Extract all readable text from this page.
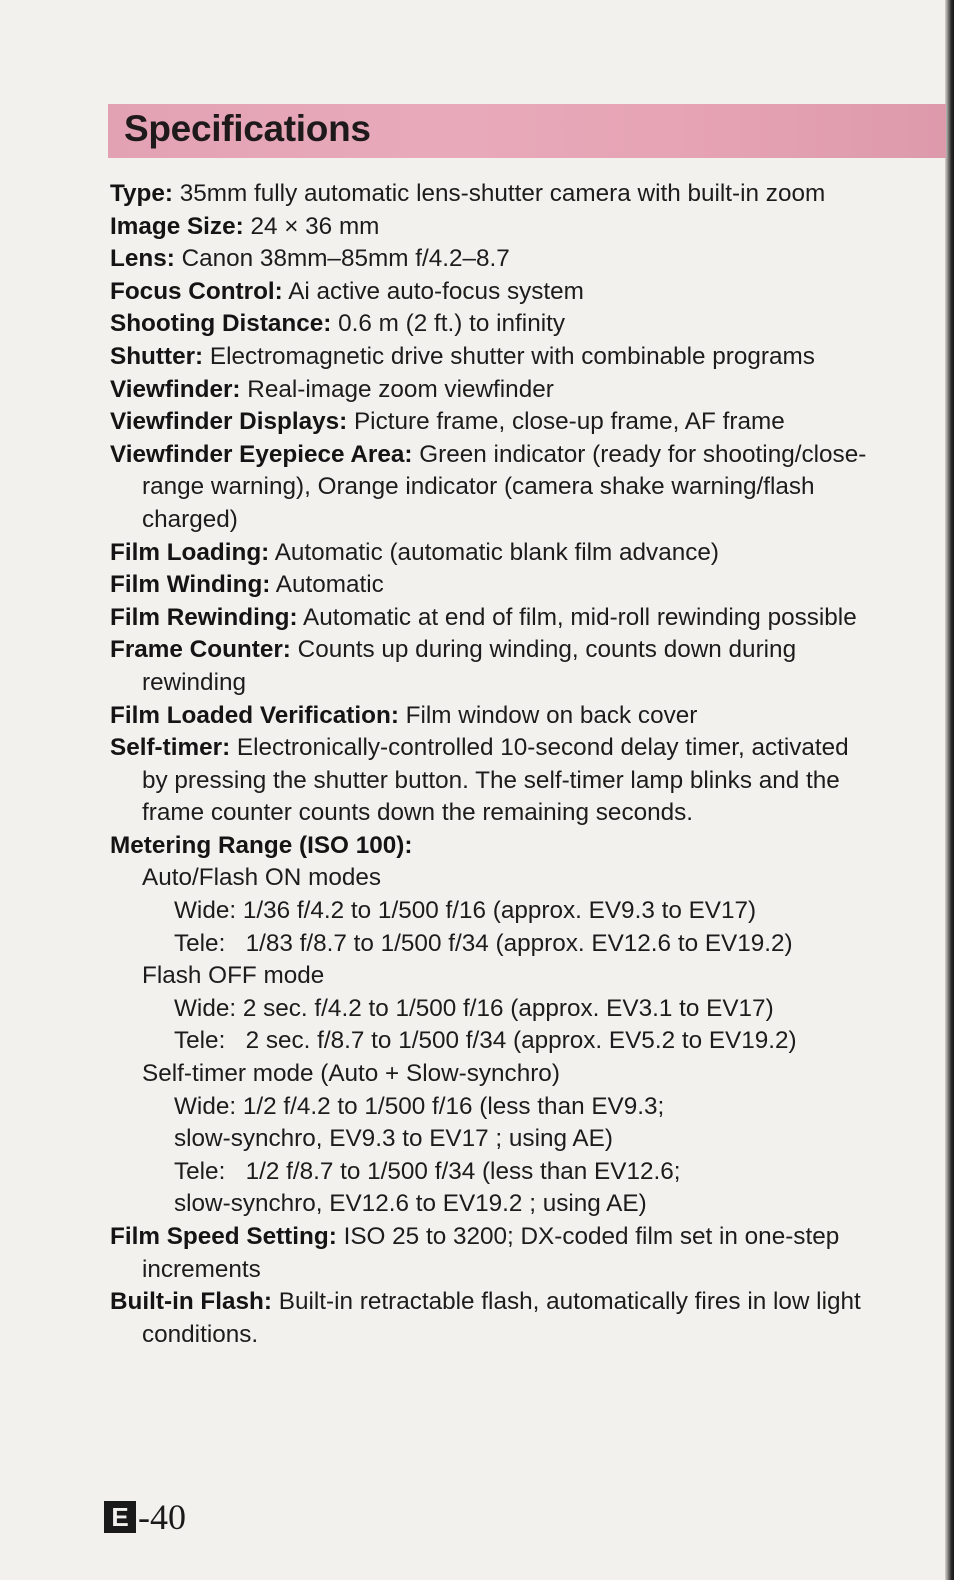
Specifications

Type: 35mm fully automatic lens-shutter camera with built-in zoom

Image Size: 24 × 36 mm

Lens: Canon 38mm–85mm f/4.2–8.7

Focus Control: Ai active auto-focus system

Shooting Distance: 0.6 m (2 ft.) to infinity

Shutter: Electromagnetic drive shutter with combinable programs

Viewfinder: Real-image zoom viewfinder

Viewfinder Displays: Picture frame, close-up frame, AF frame

Viewfinder Eyepiece Area: Green indicator (ready for shooting/close-range warning), Orange indicator (camera shake warning/flash charged)

Film Loading: Automatic (automatic blank film advance)

Film Winding: Automatic

Film Rewinding: Automatic at end of film, mid-roll rewinding possible

Frame Counter: Counts up during winding, counts down during rewinding

Film Loaded Verification: Film window on back cover

Self-timer: Electronically-controlled 10-second delay timer, activated by pressing the shutter button. The self-timer lamp blinks and the frame counter counts down the remaining seconds.

Metering Range (ISO 100):

Auto/Flash ON modes
Wide: 1/36 f/4.2 to 1/500 f/16 (approx. EV9.3 to EV17)
Tele:   1/83 f/8.7 to 1/500 f/34 (approx. EV12.6 to EV19.2)
Flash OFF mode
Wide: 2 sec. f/4.2 to 1/500 f/16 (approx. EV3.1 to EV17)
Tele:   2 sec. f/8.7 to 1/500 f/34 (approx. EV5.2 to EV19.2)
Self-timer mode (Auto + Slow-synchro)
Wide: 1/2 f/4.2 to 1/500 f/16 (less than EV9.3;
slow-synchro, EV9.3 to EV17 ; using AE)
Tele:   1/2 f/8.7 to 1/500 f/34 (less than EV12.6;
slow-synchro, EV12.6 to EV19.2 ; using AE)

Film Speed Setting: ISO 25 to 3200; DX-coded film set in one-step increments

Built-in Flash: Built-in retractable flash, automatically fires in low light conditions.

E -40
